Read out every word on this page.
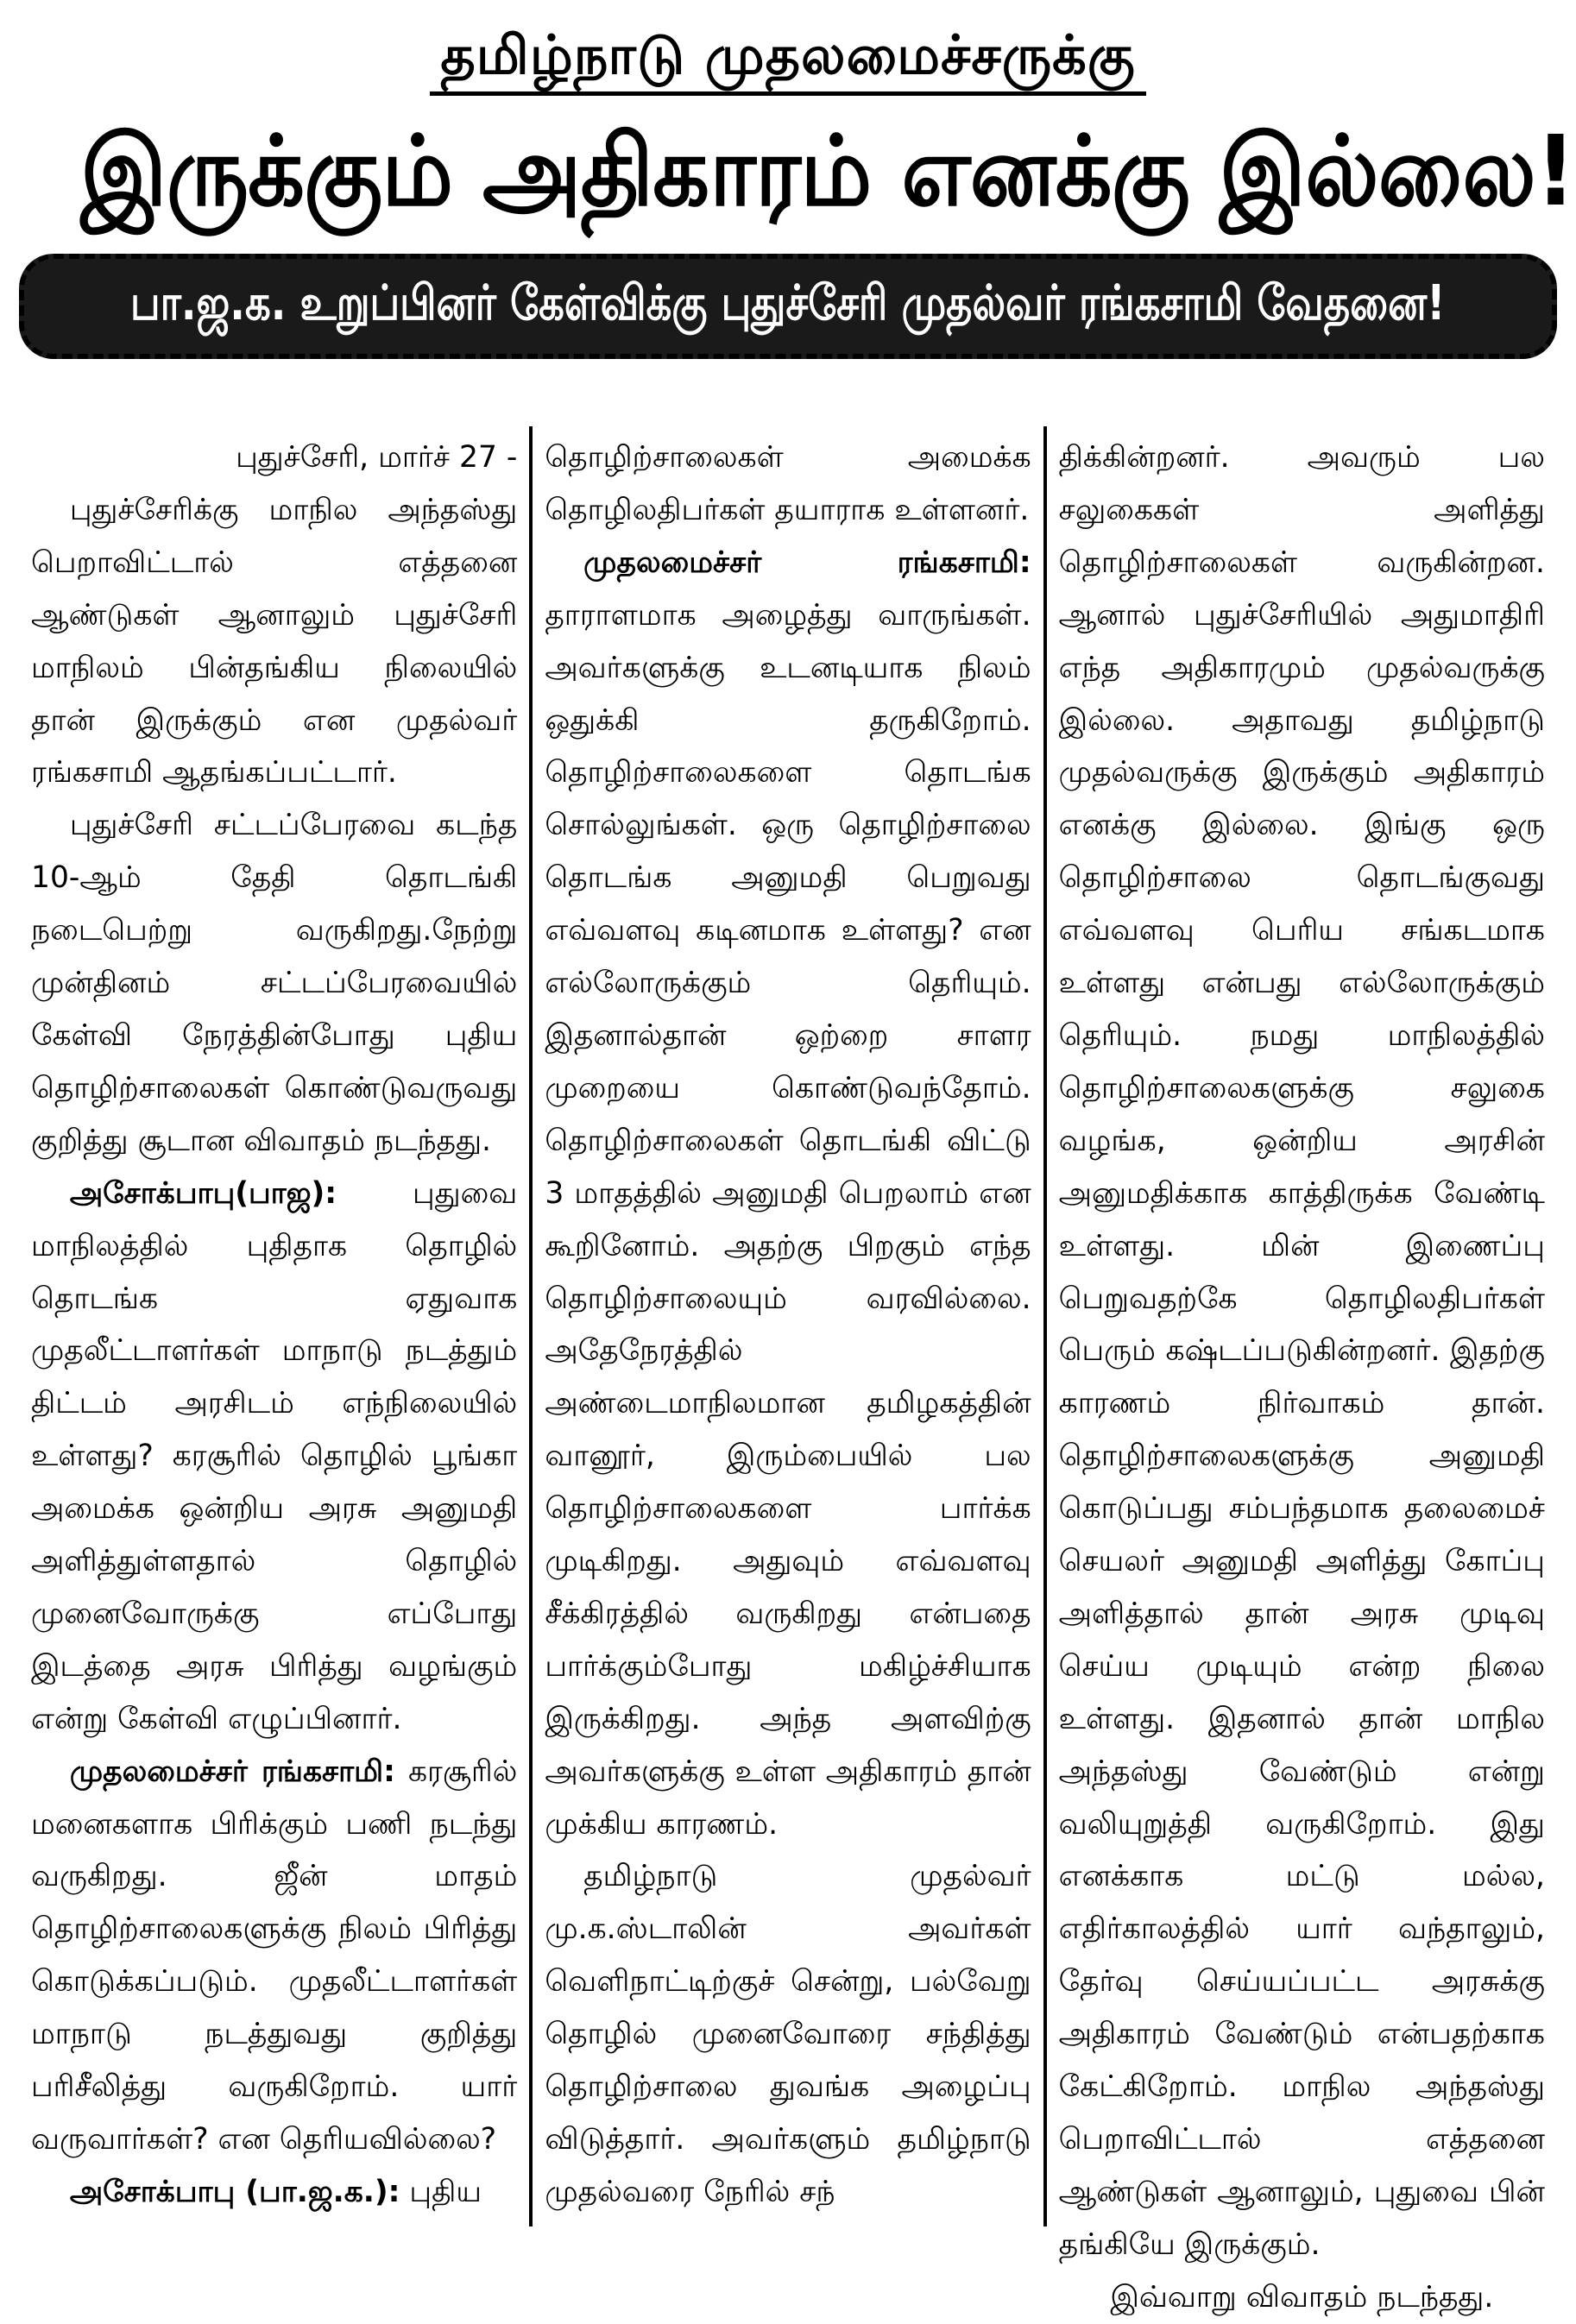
தமிழ்நாடு முதலமைச்சருக்கு
இருக்கும் அதிகாரம் எனக்கு இல்லை!
பா.ஜ.க. உறுப்பினர் கேள்விக்கு புதுச்சேரி முதல்வர் ரங்கசாமி வேதனை!

புதுச்சேரி, மார்ச் 27 -

புதுச்சேரிக்கு மாநில அந்தஸ்து பெறாவிட்டால் எத்தனை ஆண்டுகள் ஆனாலும் புதுச்சேரி மாநிலம் பின்தங்கிய நிலையில் தான் இருக்கும் என முதல்வர் ரங்கசாமி ஆதங்கப்பட்டார்.

புதுச்சேரி சட்டப்பேரவை கடந்த 10-ஆம் தேதி தொடங்கி நடைபெற்று வருகிறது.நேற்று முன்தினம் சட்டப்பேரவையில் கேள்வி நேரத்தின்போது புதிய தொழிற்சாலைகள் கொண்டுவருவது குறித்து சூடான விவாதம் நடந்தது.

அசோக்பாபு(பாஜ): புதுவை மாநிலத்தில் புதிதாக தொழில் தொடங்க ஏதுவாக முதலீட்டாளர்கள் மாநாடு நடத்தும் திட்டம் அரசிடம் எந்நிலையில் உள்ளது? கரசூரில் தொழில் பூங்கா அமைக்க ஒன்றிய அரசு அனுமதி அளித்துள்ளதால் தொழில் முனைவோருக்கு எப்போது இடத்தை அரசு பிரித்து வழங்கும் என்று கேள்வி எழுப்பினார்.

முதலமைச்சர் ரங்கசாமி: கரசூரில் மனைகளாக பிரிக்கும் பணி நடந்து வருகிறது. ஜீன் மாதம் தொழிற்சாலைகளுக்கு நிலம் பிரித்து கொடுக்கப்படும். முதலீட்டாளர்கள் மாநாடு நடத்துவது குறித்து பரிசீலித்து வருகிறோம். யார் வருவார்கள்? என தெரியவில்லை?

அசோக்பாபு (பா.ஜ.க.): புதிய

தொழிற்சாலைகள் அமைக்க தொழிலதிபர்கள் தயாராக உள்ளனர்.

முதலமைச்சர் ரங்கசாமி: தாராளமாக அழைத்து வாருங்கள். அவர்களுக்கு உடனடியாக நிலம் ஒதுக்கி தருகிறோம். தொழிற்சாலைகளை தொடங்க சொல்லுங்கள். ஒரு தொழிற்சாலை தொடங்க அனுமதி பெறுவது எவ்வளவு கடினமாக உள்ளது? என எல்லோருக்கும் தெரியும். இதனால்தான் ஒற்றை சாளர முறையை கொண்டுவந்தோம். தொழிற்சாலைகள் தொடங்கி விட்டு 3 மாதத்தில் அனுமதி பெறலாம் என கூறினோம். அதற்கு பிறகும் எந்த தொழிற்சாலையும் வரவில்லை. அதேநேரத்தில் அண்டைமாநிலமான தமிழகத்தின் வானூர், இரும்பையில் பல தொழிற்சாலைகளை பார்க்க முடிகிறது. அதுவும் எவ்வளவு சீக்கிரத்தில் வருகிறது என்பதை பார்க்கும்போது மகிழ்ச்சியாக இருக்கிறது. அந்த அளவிற்கு அவர்களுக்கு உள்ள அதிகாரம் தான் முக்கிய காரணம்.

தமிழ்நாடு முதல்வர் மு.க.ஸ்டாலின் அவர்கள் வெளிநாட்டிற்குச் சென்று, பல்வேறு தொழில் முனைவோரை சந்தித்து தொழிற்சாலை துவங்க அழைப்பு விடுத்தார். அவர்களும் தமிழ்நாடு முதல்வரை நேரில் சந்

திக்கின்றனர். அவரும் பல சலுகைகள் அளித்து தொழிற்சாலைகள் வருகின்றன. ஆனால் புதுச்சேரியில் அதுமாதிரி எந்த அதிகாரமும் முதல்வருக்கு இல்லை. அதாவது தமிழ்நாடு முதல்வருக்கு இருக்கும் அதிகாரம் எனக்கு இல்லை. இங்கு ஒரு தொழிற்சாலை தொடங்குவது எவ்வளவு பெரிய சங்கடமாக உள்ளது என்பது எல்லோருக்கும் தெரியும். நமது மாநிலத்தில் தொழிற்சாலைகளுக்கு சலுகை வழங்க, ஒன்றிய அரசின் அனுமதிக்காக காத்திருக்க வேண்டி உள்ளது. மின் இணைப்பு பெறுவதற்கே தொழிலதிபர்கள் பெரும் கஷ்டப்படுகின்றனர். இதற்கு காரணம் நிர்வாகம் தான். தொழிற்சாலைகளுக்கு அனுமதி கொடுப்பது சம்பந்தமாக தலைமைச் செயலர் அனுமதி அளித்து கோப்பு அளித்தால் தான் அரசு முடிவு செய்ய முடியும் என்ற நிலை உள்ளது. இதனால் தான் மாநில அந்தஸ்து வேண்டும் என்று வலியுறுத்தி வருகிறோம். இது எனக்காக மட்டு மல்ல, எதிர்காலத்தில் யார் வந்தாலும், தேர்வு செய்யப்பட்ட அரசுக்கு அதிகாரம் வேண்டும் என்பதற்காக கேட்கிறோம். மாநில அந்தஸ்து பெறாவிட்டால் எத்தனை ஆண்டுகள் ஆனாலும், புதுவை பின் தங்கியே இருக்கும்.

இவ்வாறு விவாதம் நடந்தது.
